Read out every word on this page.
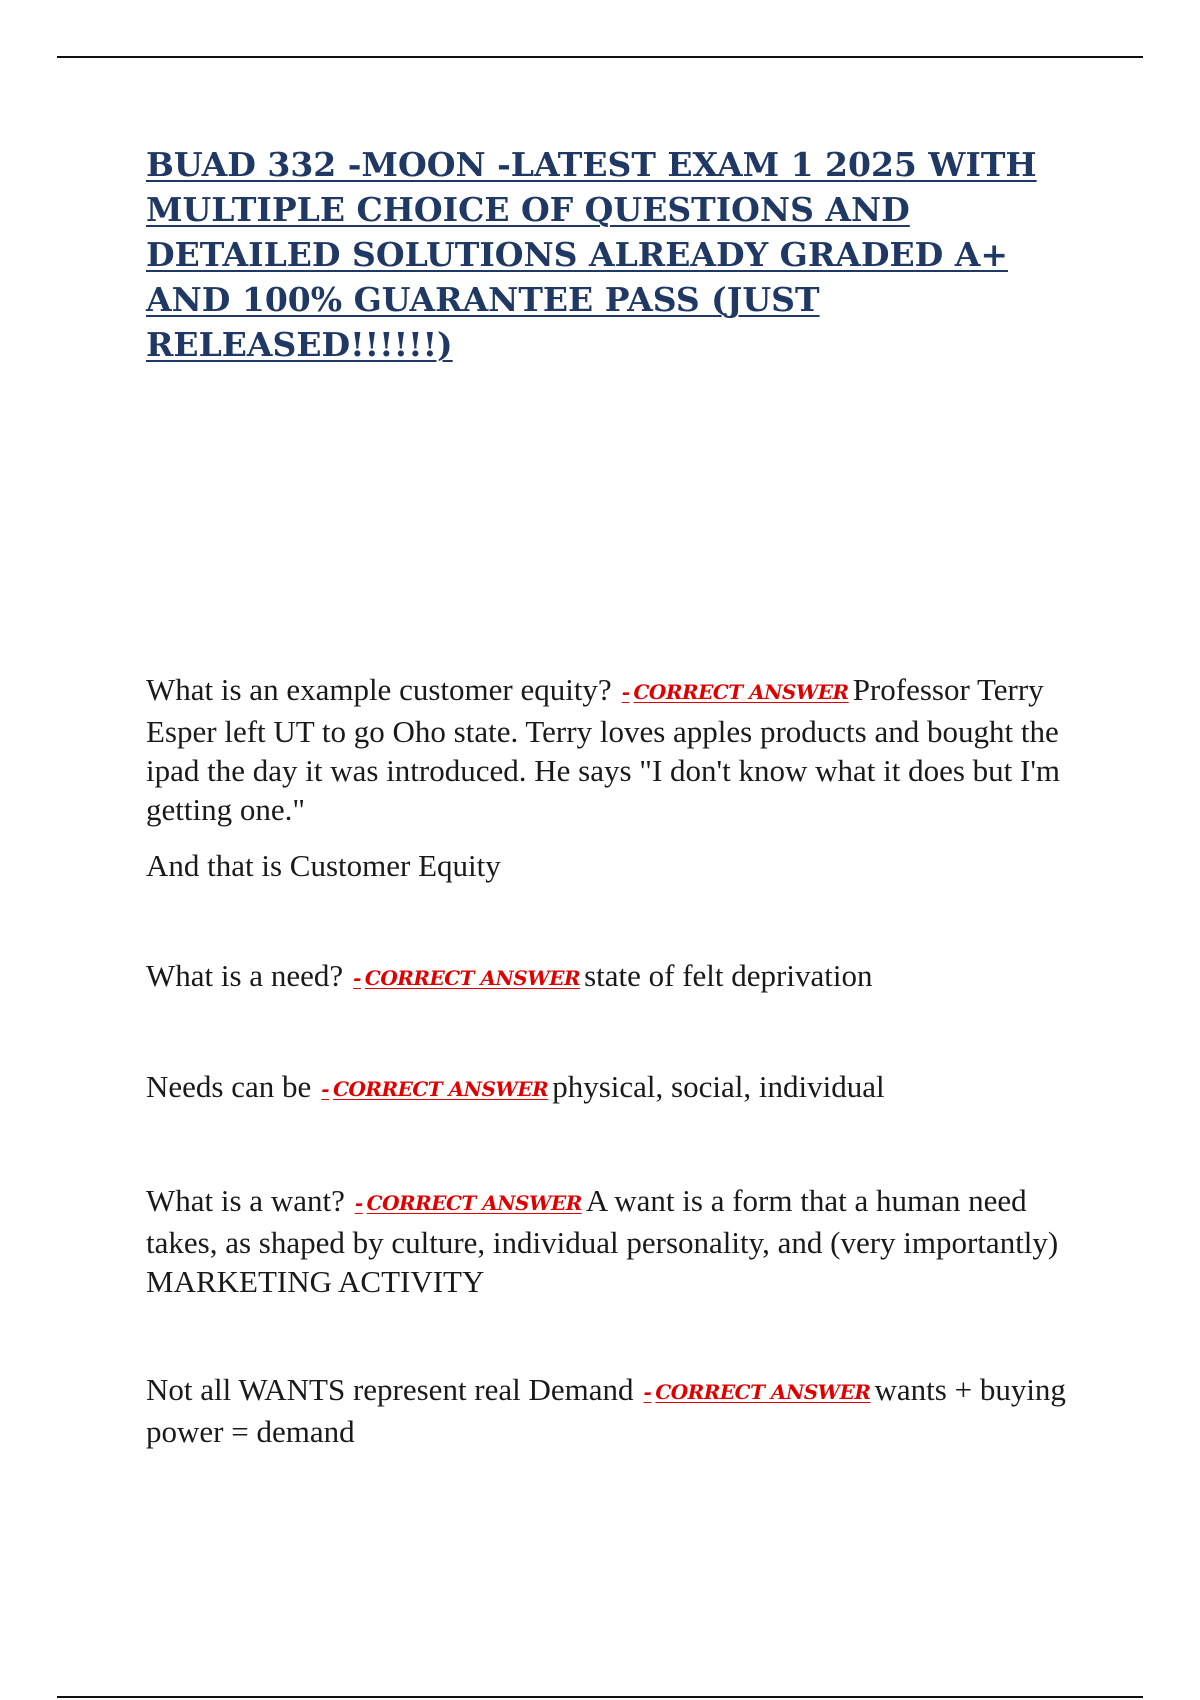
BUAD 332 -MOON -LATEST EXAM 1 2025 WITH MULTIPLE CHOICE OF QUESTIONS AND DETAILED SOLUTIONS ALREADY GRADED A+ AND 100% GUARANTEE PASS (JUST RELEASED!!!!!!)

What is an example customer equity? - CORRECT ANSWER Professor Terry Esper left UT to go Oho state. Terry loves apples products and bought the ipad the day it was introduced. He says "I don't know what it does but I'm getting one."

And that is Customer Equity

What is a need? - CORRECT ANSWER state of felt deprivation

Needs can be - CORRECT ANSWER physical, social, individual

What is a want? - CORRECT ANSWER A want is a form that a human need takes, as shaped by culture, individual personality, and (very importantly) MARKETING ACTIVITY

Not all WANTS represent real Demand - CORRECT ANSWER wants + buying power = demand
